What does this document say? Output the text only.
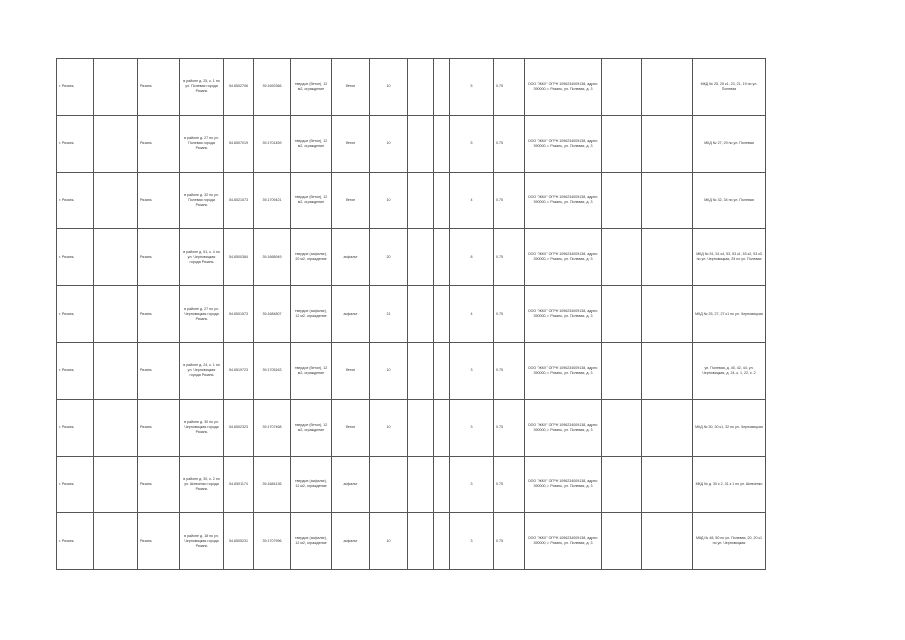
г. Рязань		Рязань	в районе д. 25, к. 1 по ул. Полевая города Рязань	54.6502706	39.1692366	твердое (бетон), 12 м2, ограждение	бетон	10			5	0.75	ООО "ЖКХ" ОГРН 1096234009138, адрес: 390000, г. Рязань, ул. Полевая, д. 3			МКД № 25, 25 к1, 23, 21, 19 по ул. Полевая
г. Рязань		Рязань	в районе д. 27 по ул. Полевая города Рязань	54.6507019	39.1701459	твердое (бетон), 12 м2, ограждение	бетон	10			5	0.75	ООО "ЖКХ" ОГРН 1096234009138, адрес: 390000, г. Рязань, ул. Полевая, д. 3			МКД № 27, 29 по ул. Полевая
г. Рязань		Рязань	в районе д. 32 по ул. Полевая города Рязань	54.6521073	39.1709421	твердое (бетон), 12 м2, ограждение	бетон	10			4	0.75	ООО "ЖКХ" ОГРН 1096234009138, адрес: 390000, г. Рязань, ул. Полевая, д. 3			МКД № 32, 34 по ул. Полевая
г. Рязань		Рязань	в районе д. 51, к. 4 по ул. Черновицкая города Рязань	54.6500384	39.1668949	твердое (асфальт), 20 м2, ограждение	асфальт	20			8	0.75	ООО "ЖКХ" ОГРН 1096234009138, адрес: 390000, г. Рязань, ул. Полевая, д. 3			МКД № 51, 51 к4, 53, 53 к1, 53 к2, 53 к3 по ул. Черновицкая, 25 по ул. Полевая
г. Рязань		Рязань	в районе д. 27 по ул. Черновицкая города Рязань	54.6501573	39.1684807	твердое (асфальт), 12 м2, ограждение	асфальт	21			4	0.75	ООО "ЖКХ" ОГРН 1096234009138, адрес: 390000, г. Рязань, ул. Полевая, д. 3			МКД № 25, 27, 27 к1 по ул. Черновицкая
г. Рязань		Рязань	в районе д. 24, к. 1 по ул. Черновицкая города Рязань	54.6519723	39.1705163	твердое (бетон), 12 м2, ограждение	бетон	10			3	0.75	ООО "ЖКХ" ОГРН 1096234009138, адрес: 390000, г. Рязань, ул. Полевая, д. 3			ул. Полевая, д. 40, 42, 44, ул. Черновицкая, д. 24, к. 1, 22, к. 2
г. Рязань		Рязань	в районе д. 30 по ул. Черновицкая города Рязань	54.6502323	39.1707468	твердое (бетон), 12 м2, ограждение	бетон	10			3	0.75	ООО "ЖКХ" ОГРН 1096234009138, адрес: 390000, г. Рязань, ул. Полевая, д. 3			МКД № 30, 30 к1, 32 по ул. Черновицкая
г. Рязань		Рязань	в районе д. 30, к. 2 по ул. Шевченко города Рязань	54.6501174	39.1684136	твердое (асфальт), 12 м2, ограждение	асфальт				3	0.75	ООО "ЖКХ" ОГРН 1096234009138, адрес: 390000, г. Рязань, ул. Полевая, д. 3			МКД № д. 30 к 2, 31 к 1 по ул. Шевченко
г. Рязань		Рязань	в районе д. 18 по ул. Черновицкая города Рязань	54.6505231	39.1707996	твердое (асфальт), 12 м2, ограждение	асфальт	10			3	0.75	ООО "ЖКХ" ОГРН 1096234009138, адрес: 390000, г. Рязань, ул. Полевая, д. 3			МКД № 48, 50 по ул. Полевая, 20, 20 к1 по ул. Черновицкая
